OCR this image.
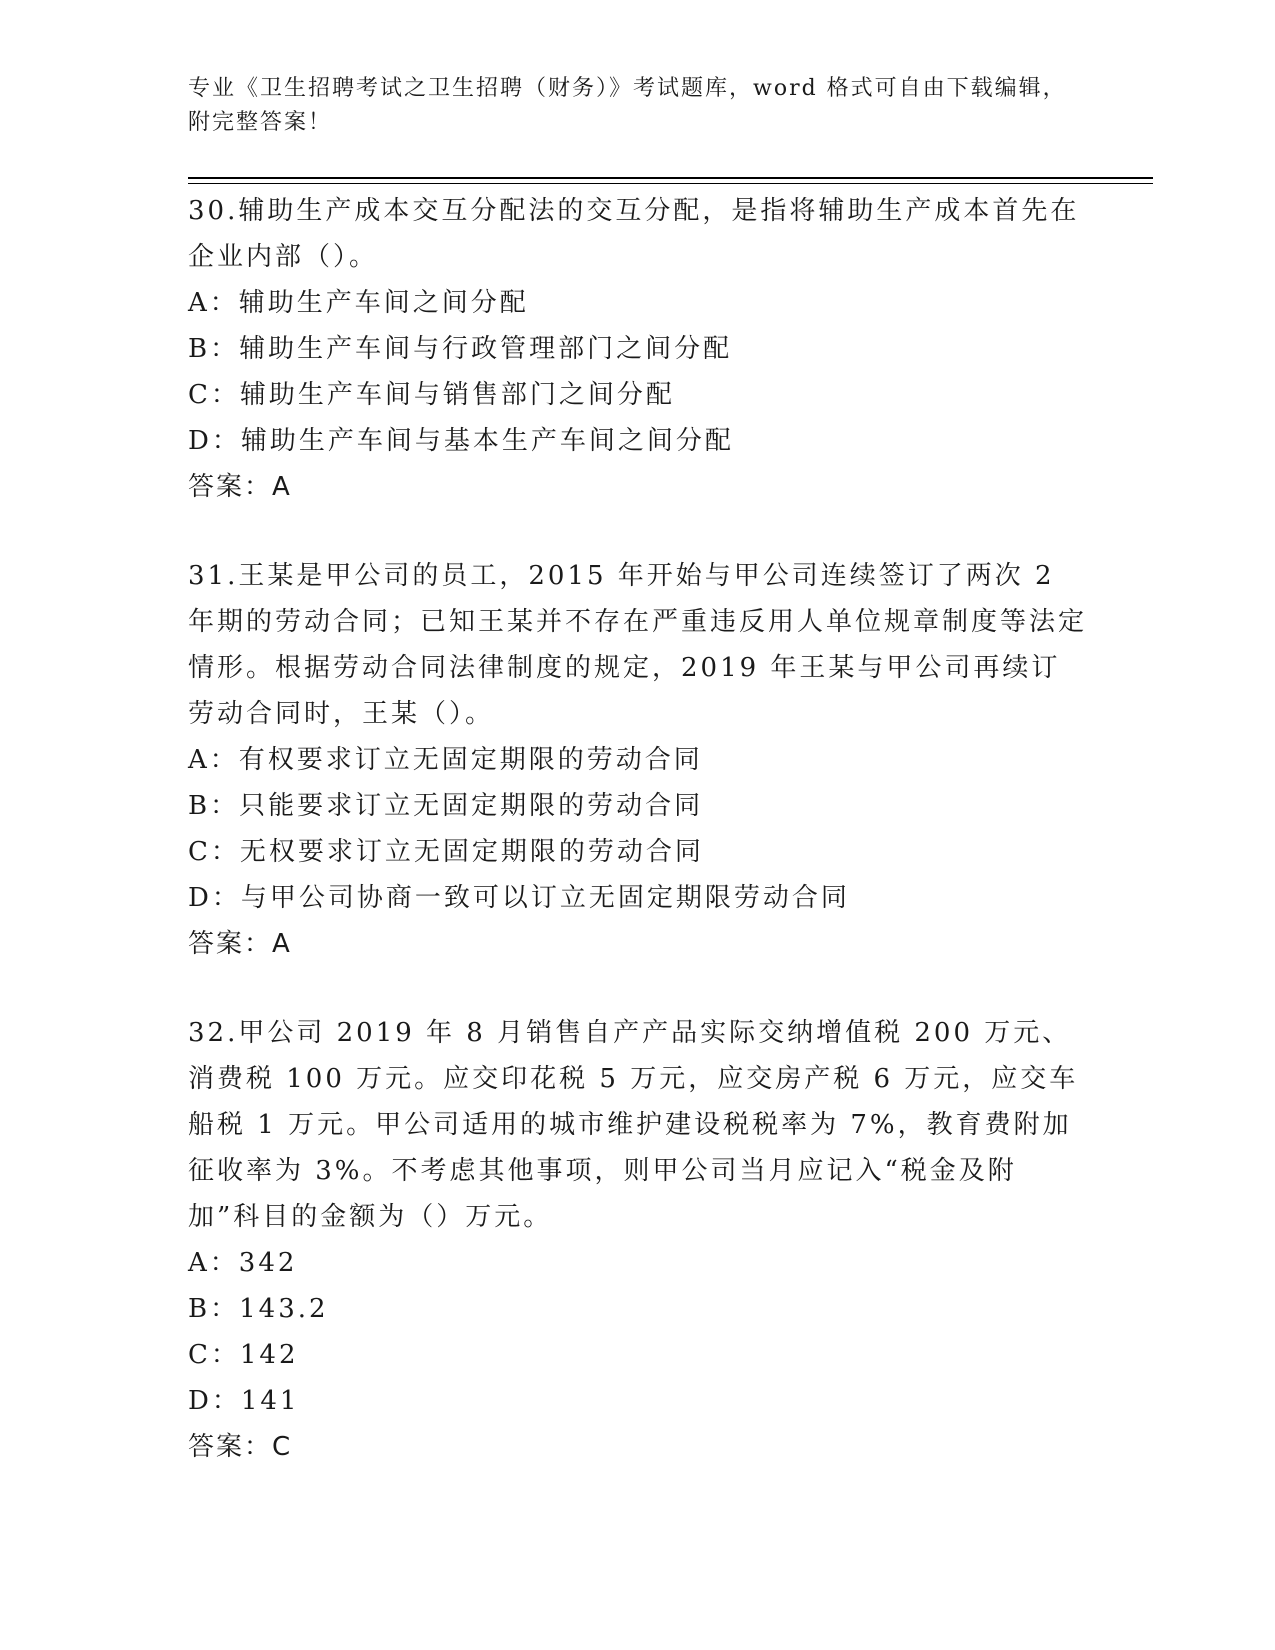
专业《卫生招聘考试之卫生招聘（财务）》考试题库，word 格式可自由下载编辑，附完整答案！

30.辅助生产成本交互分配法的交互分配，是指将辅助生产成本首先在企业内部（）。

A：辅助生产车间之间分配

B：辅助生产车间与行政管理部门之间分配

C：辅助生产车间与销售部门之间分配

D：辅助生产车间与基本生产车间之间分配

答案：A

31.王某是甲公司的员工，2015 年开始与甲公司连续签订了两次 2 年期的劳动合同；已知王某并不存在严重违反用人单位规章制度等法定情形。根据劳动合同法律制度的规定，2019 年王某与甲公司再续订劳动合同时，王某（）。

A：有权要求订立无固定期限的劳动合同

B：只能要求订立无固定期限的劳动合同

C：无权要求订立无固定期限的劳动合同

D：与甲公司协商一致可以订立无固定期限劳动合同

答案：A

32.甲公司 2019 年 8 月销售自产产品实际交纳增值税 200 万元、消费税 100 万元。应交印花税 5 万元，应交房产税 6 万元，应交车船税 1 万元。甲公司适用的城市维护建设税税率为 7%，教育费附加征收率为 3%。不考虑其他事项，则甲公司当月应记入“税金及附加”科目的金额为（）万元。

A：342

B：143.2

C：142

D：141

答案：C
